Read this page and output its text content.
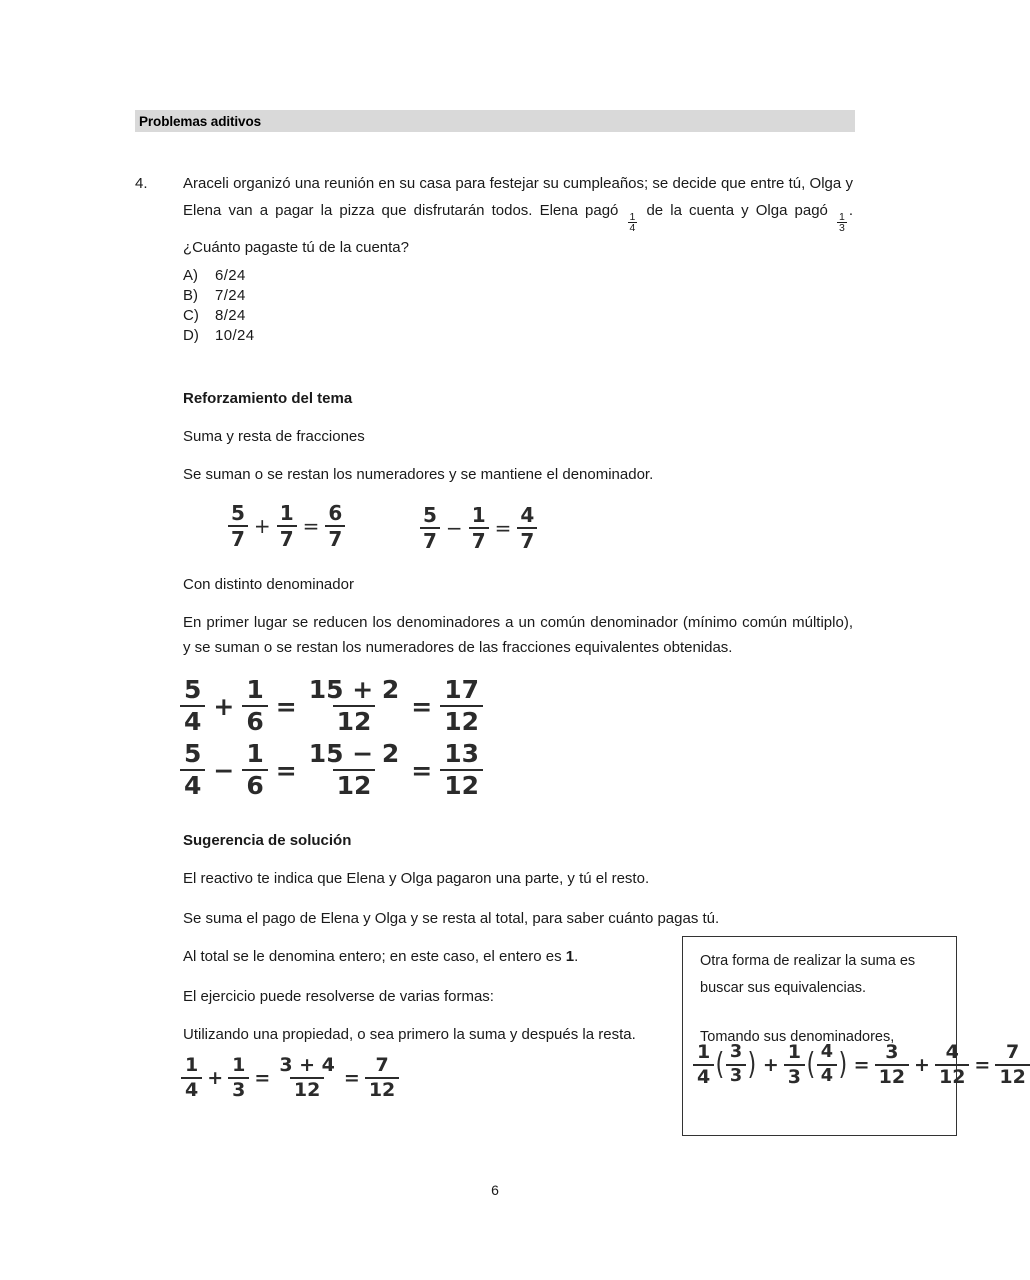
Problemas aditivos
4. Araceli organizó una reunión en su casa para festejar su cumpleaños; se decide que entre tú, Olga y Elena van a pagar la pizza que disfrutarán todos. Elena pagó
$\frac{1}{4}$
de la cuenta y Olga pagó
$\frac{1}{3}$
. ¿Cuánto pagaste tú de la cuenta?
A)	6/24
B)	7/24
C)	8/24
D)	10/24
Reforzamiento del tema
Suma y resta de fracciones
Se suman o se restan los numeradores y se mantiene el denominador.
$\frac{5}{7} + \frac{1}{7} = \frac{6}{7}$	$\frac{5}{7} - \frac{1}{7} = \frac{4}{7}$
Con distinto denominador
En primer lugar se reducen los denominadores a un común denominador (mínimo común múltiplo), y se suman o se restan los numeradores de las fracciones equivalentes obtenidas.
$\frac{5}{4} + \frac{1}{6} = \frac{15 + 2}{12} = \frac{17}{12}$
$\frac{5}{4} - \frac{1}{6} = \frac{15 - 2}{12} = \frac{13}{12}$
Sugerencia de solución
El reactivo te indica que Elena y Olga pagaron una parte, y tú el resto.
Se suma el pago de Elena y Olga y se resta al total, para saber cuánto pagas tú.
Al total se le denomina entero; en este caso, el entero es 1.
El ejercicio puede resolverse de varias formas:
Utilizando una propiedad, o sea primero la suma y después la resta.
$\frac{1}{4} + \frac{1}{3} = \frac{3 + 4}{12} = \frac{7}{12}$
Otra forma de realizar la suma es buscar sus equivalencias.
Tomando sus denominadores,
$\frac{1}{4}$ ( $\frac{3}{3}$ ) + $\frac{1}{3}$ ( $\frac{4}{4}$ ) = $\frac{3}{12} + \frac{4}{12} = \frac{7}{12}$
6
